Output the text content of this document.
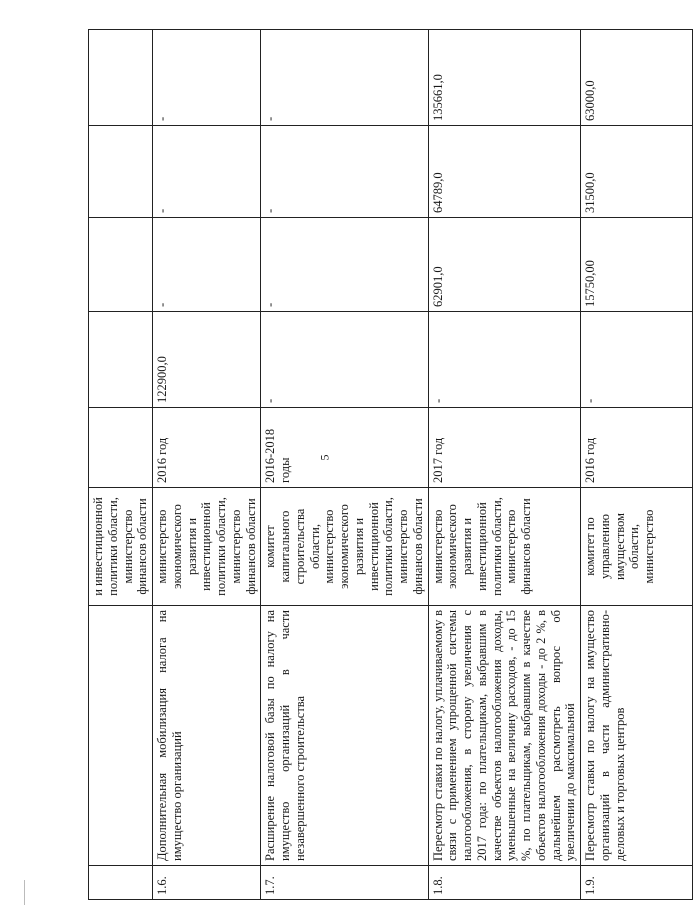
5
		и инвестиционной политики области, министерство финансов области					
1.6.	Дополнительная мобилизация налога на имущество организаций	министерство экономического развития и инвестиционной политики области, министерство финансов области	2016 год	122900,0	-	-	-
1.7.	Расширение налоговой базы по налогу на имущество организаций в части незавершенного строительства	комитет капитального строительства области, министерство экономического развития и инвестиционной политики области, министерство финансов области	2016-2018 годы	-	-	-	-
1.8.	Пересмотр ставки по налогу, уплачиваемому в связи с применением упрощенной системы налогообложения, в сторону увеличения с 2017 года: по плательщикам, выбравшим в качестве объектов налогообложения доходы, уменьшенные на величину расходов, - до 15 %, по плательщикам, выбравшим в качестве объектов налогообложения доходы - до 2 %, в дальнейшем рассмотреть вопрос об увеличении до максимальной	министерство экономического развития и инвестиционной политики области, министерство финансов области	2017 год	-	62901,0	64789,0	135661,0
1.9.	Пересмотр ставки по налогу на имущество организаций в части административно-деловых и торговых центров	комитет по управлению имуществом области, министерство	2016 год	-	15750,00	31500,0	63000,0
